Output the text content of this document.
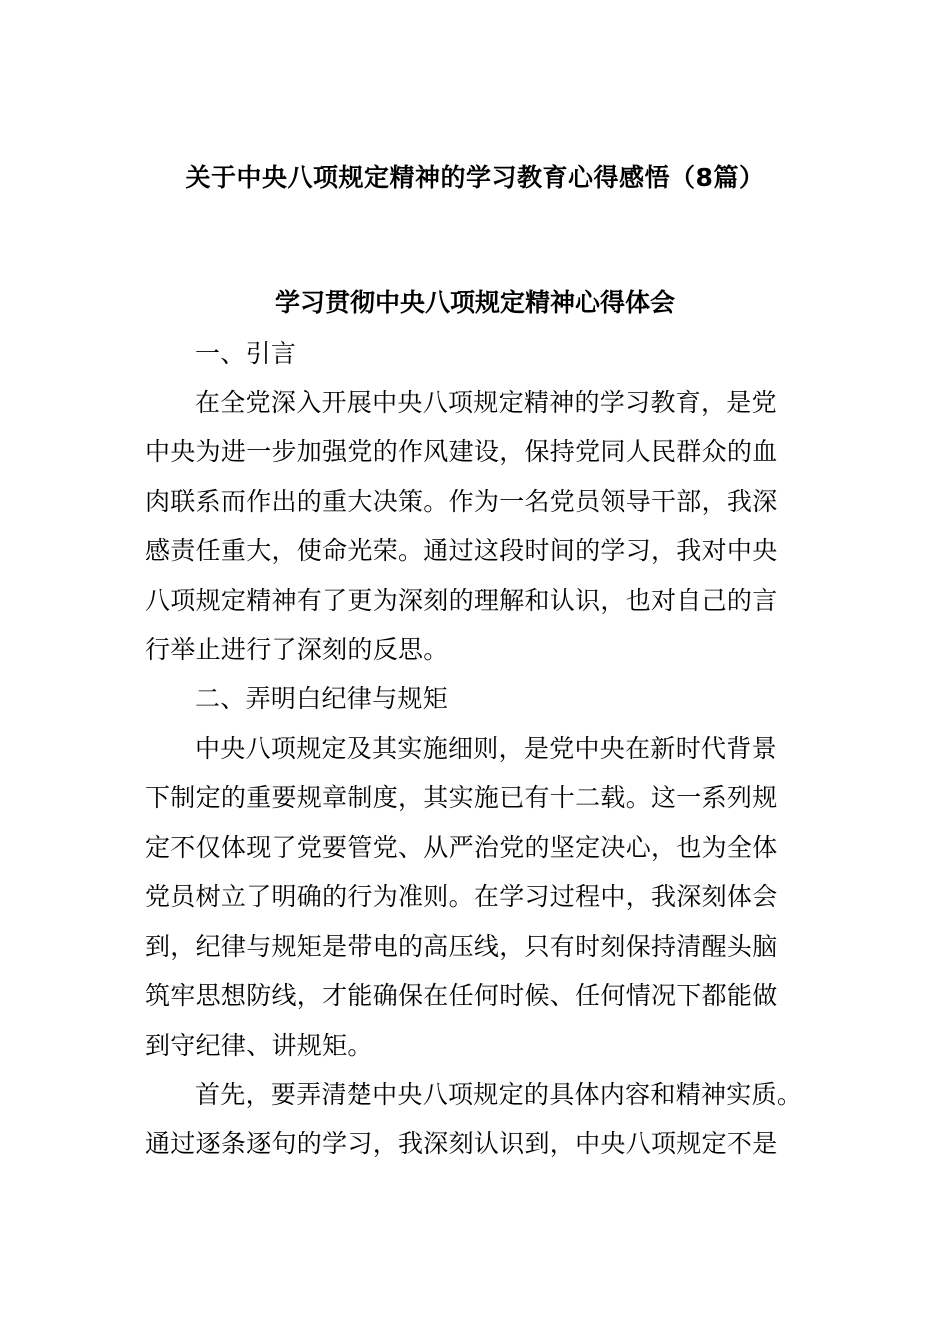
关于中央八项规定精神的学习教育心得感悟（8篇）
学习贯彻中央八项规定精神心得体会
一、引言
在全党深入开展中央八项规定精神的学习教育，是党
中央为进一步加强党的作风建设，保持党同人民群众的血
肉联系而作出的重大决策。作为一名党员领导干部，我深
感责任重大，使命光荣。通过这段时间的学习，我对中央
八项规定精神有了更为深刻的理解和认识，也对自己的言
行举止进行了深刻的反思。
二、弄明白纪律与规矩
中央八项规定及其实施细则，是党中央在新时代背景
下制定的重要规章制度，其实施已有十二载。这一系列规
定不仅体现了党要管党、从严治党的坚定决心，也为全体
党员树立了明确的行为准则。在学习过程中，我深刻体会
到，纪律与规矩是带电的高压线，只有时刻保持清醒头脑
筑牢思想防线，才能确保在任何时候、任何情况下都能做
到守纪律、讲规矩。
首先，要弄清楚中央八项规定的具体内容和精神实质。
通过逐条逐句的学习，我深刻认识到，中央八项规定不是
